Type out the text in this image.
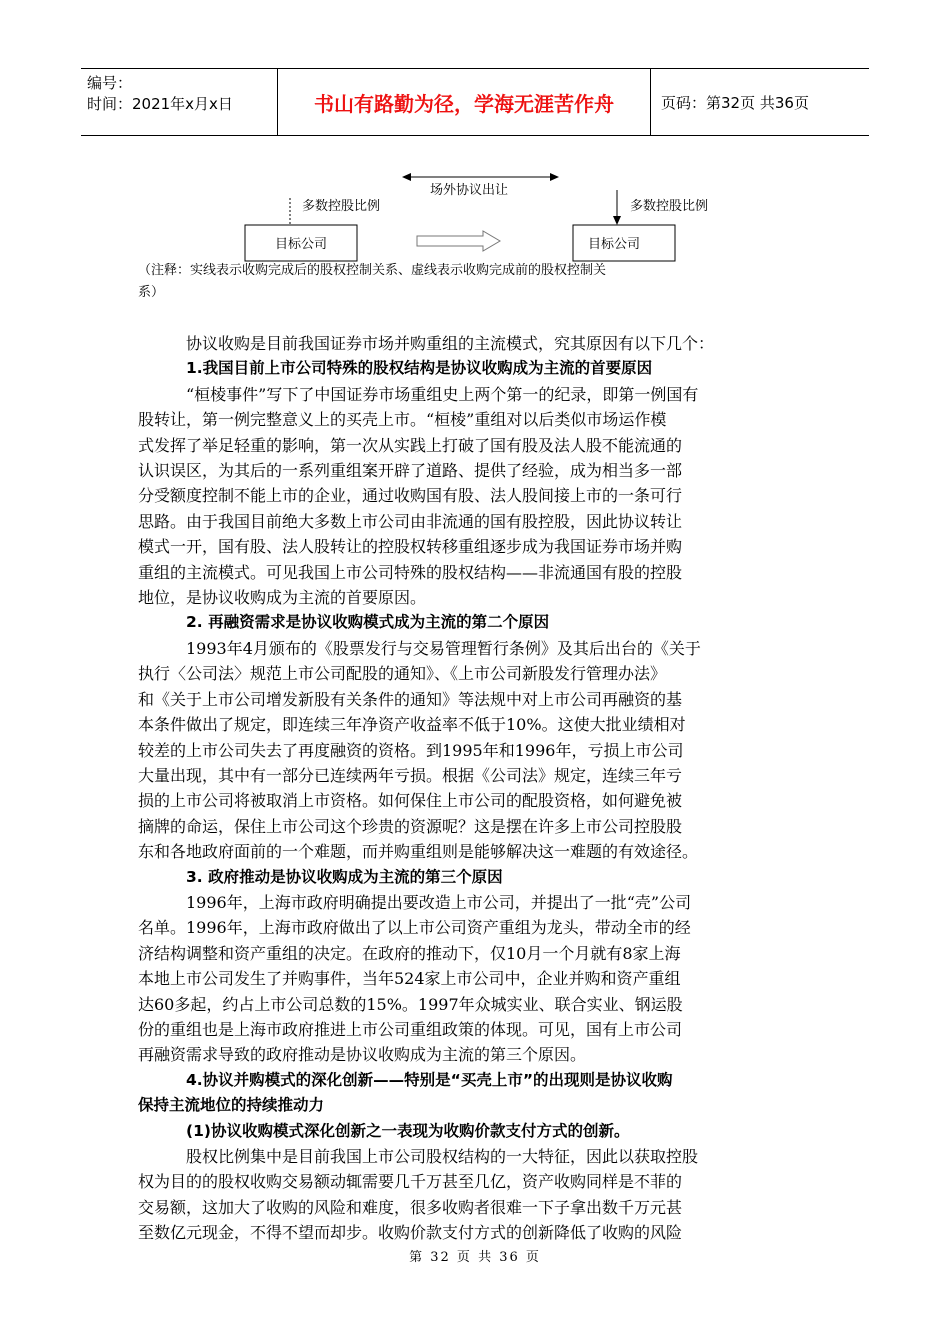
编号：
时间：2021年x月x日	书山有路勤为径，学海无涯苦作舟	页码：第32页 共36页
场外协议出让
多数控股比例	多数控股比例
目标公司	目标公司

（注释：实线表示收购完成后的股权控制关系、虚线表示收购完成前的股权控制关

系）

协议收购是目前我国证券市场并购重组的主流模式，究其原因有以下几个：

1.我国目前上市公司特殊的股权结构是协议收购成为主流的首要原因

“桓棱事件”写下了中国证券市场重组史上两个第一的纪录，即第一例国有

股转让，第一例完整意义上的买壳上市。“桓棱”重组对以后类似市场运作模

式发挥了举足轻重的影响，第一次从实践上打破了国有股及法人股不能流通的

认识误区，为其后的一系列重组案开辟了道路、提供了经验，成为相当多一部

分受额度控制不能上市的企业，通过收购国有股、法人股间接上市的一条可行

思路。由于我国目前绝大多数上市公司由非流通的国有股控股，因此协议转让

模式一开，国有股、法人股转让的控股权转移重组逐步成为我国证券市场并购

重组的主流模式。可见我国上市公司特殊的股权结构——非流通国有股的控股

地位，是协议收购成为主流的首要原因。

2. 再融资需求是协议收购模式成为主流的第二个原因

1993年4月颁布的《股票发行与交易管理暂行条例》及其后出台的《关于

执行〈公司法〉规范上市公司配股的通知》、《上市公司新股发行管理办法》

和《关于上市公司增发新股有关条件的通知》等法规中对上市公司再融资的基

本条件做出了规定，即连续三年净资产收益率不低于10%。这使大批业绩相对

较差的上市公司失去了再度融资的资格。到1995年和1996年，亏损上市公司

大量出现，其中有一部分已连续两年亏损。根据《公司法》规定，连续三年亏

损的上市公司将被取消上市资格。如何保住上市公司的配股资格，如何避免被

摘牌的命运，保住上市公司这个珍贵的资源呢？这是摆在许多上市公司控股股

东和各地政府面前的一个难题，而并购重组则是能够解决这一难题的有效途径。

3. 政府推动是协议收购成为主流的第三个原因

1996年，上海市政府明确提出要改造上市公司，并提出了一批“壳”公司

名单。1996年，上海市政府做出了以上市公司资产重组为龙头，带动全市的经

济结构调整和资产重组的决定。在政府的推动下，仅10月一个月就有8家上海

本地上市公司发生了并购事件，当年524家上市公司中，企业并购和资产重组

达60多起，约占上市公司总数的15%。1997年众城实业、联合实业、钢运股

份的重组也是上海市政府推进上市公司重组政策的体现。可见，国有上市公司

再融资需求导致的政府推动是协议收购成为主流的第三个原因。

4.协议并购模式的深化创新——特别是“买壳上市”的出现则是协议收购

保持主流地位的持续推动力

(1)协议收购模式深化创新之一表现为收购价款支付方式的创新。

股权比例集中是目前我国上市公司股权结构的一大特征，因此以获取控股

权为目的的股权收购交易额动辄需要几千万甚至几亿，资产收购同样是不菲的

交易额，这加大了收购的风险和难度，很多收购者很难一下子拿出数千万元甚

至数亿元现金，不得不望而却步。收购价款支付方式的创新降低了收购的风险

第 32 页 共 36 页
